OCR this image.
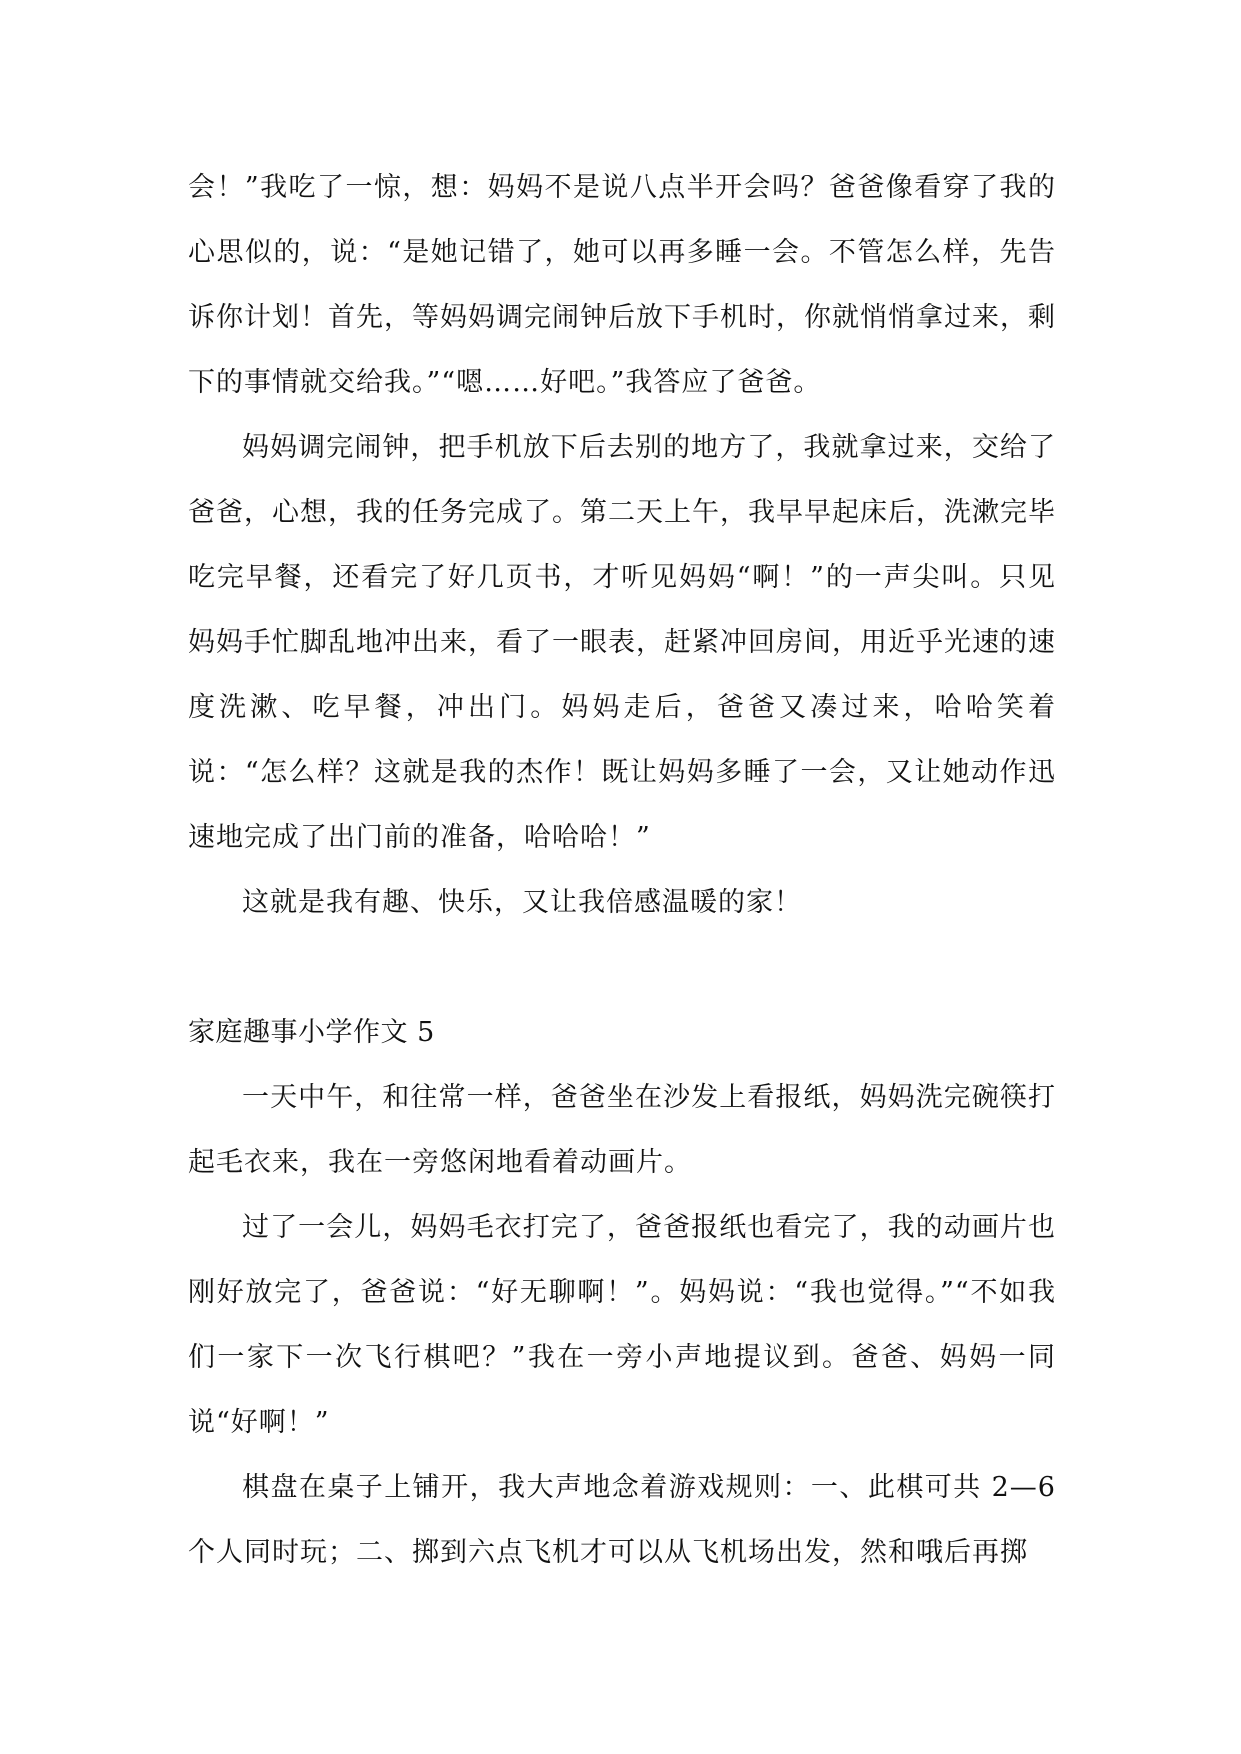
会！”我吃了一惊，想：妈妈不是说八点半开会吗？爸爸像看穿了我的心思似的，说：“是她记错了，她可以再多睡一会。不管怎么样，先告诉你计划！首先，等妈妈调完闹钟后放下手机时，你就悄悄拿过来，剩下的事情就交给我。”“嗯……好吧。”我答应了爸爸。

妈妈调完闹钟，把手机放下后去别的地方了，我就拿过来，交给了爸爸，心想，我的任务完成了。第二天上午，我早早起床后，洗漱完毕吃完早餐，还看完了好几页书，才听见妈妈“啊！”的一声尖叫。只见妈妈手忙脚乱地冲出来，看了一眼表，赶紧冲回房间，用近乎光速的速度洗漱、吃早餐，冲出门。妈妈走后，爸爸又凑过来，哈哈笑着说：“怎么样？这就是我的杰作！既让妈妈多睡了一会，又让她动作迅速地完成了出门前的准备，哈哈哈！”

这就是我有趣、快乐，又让我倍感温暖的家！

家庭趣事小学作文 5

一天中午，和往常一样，爸爸坐在沙发上看报纸，妈妈洗完碗筷打起毛衣来，我在一旁悠闲地看着动画片。

过了一会儿，妈妈毛衣打完了，爸爸报纸也看完了，我的动画片也刚好放完了，爸爸说：“好无聊啊！”。妈妈说：“我也觉得。”“不如我们一家下一次飞行棋吧？”我在一旁小声地提议到。爸爸、妈妈一同说“好啊！”

棋盘在桌子上铺开，我大声地念着游戏规则：一、此棋可共 2—6 个人同时玩；二、掷到六点飞机才可以从飞机场出发，然和哦后再掷
